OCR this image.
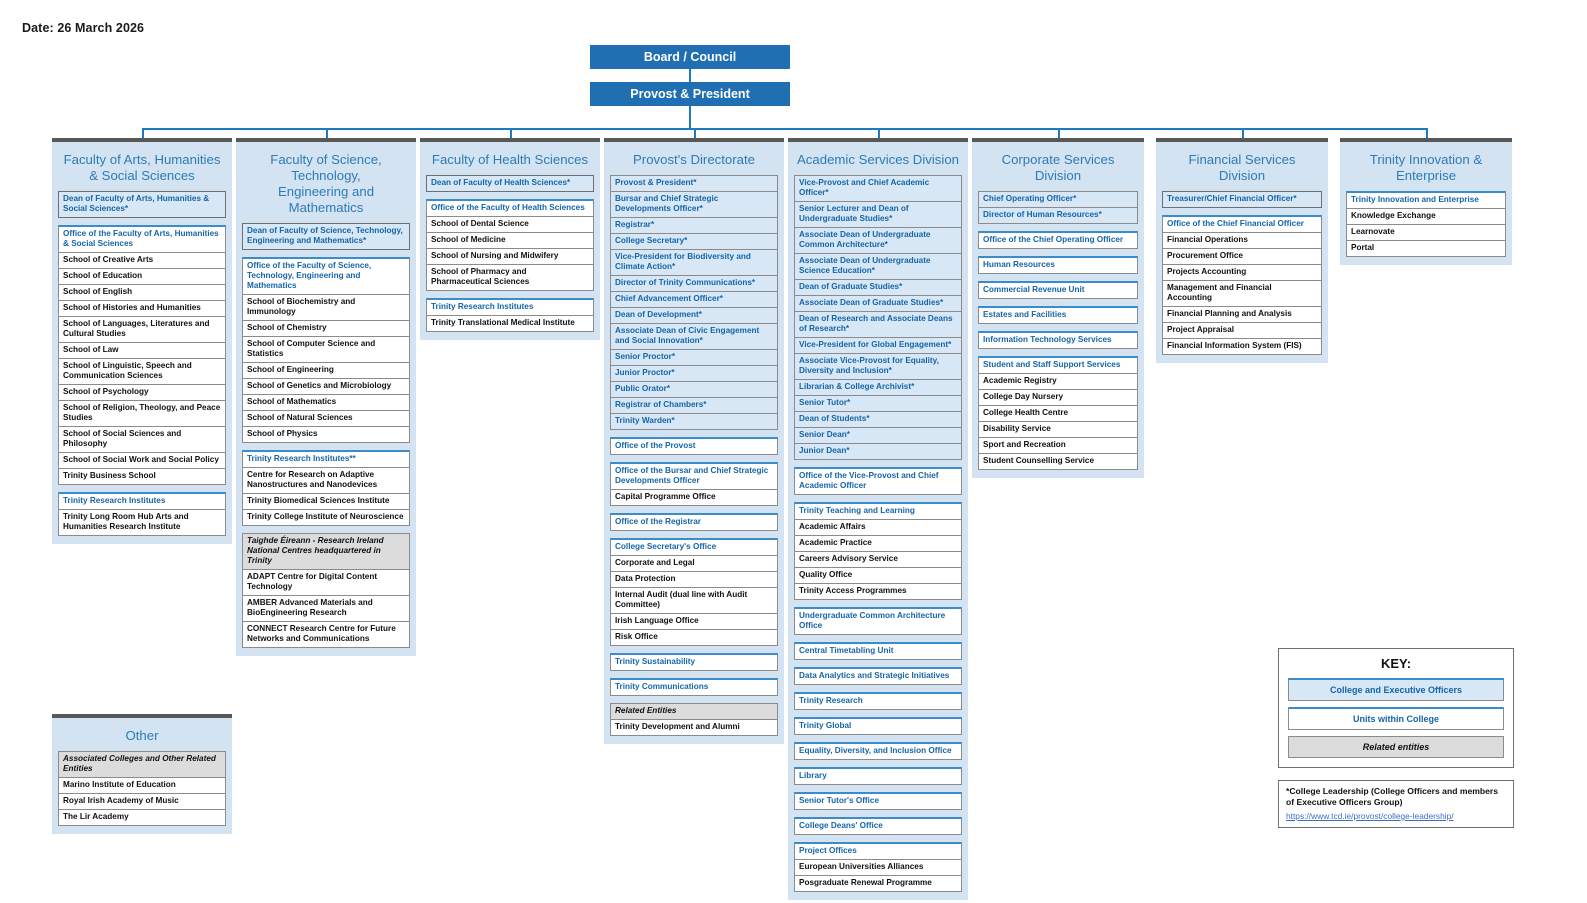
Date: 26 March 2026
Board / Council
Provost & President
Faculty of Arts, Humanities
& Social Sciences
Dean of Faculty of Arts, Humanities & Social Sciences*
Office of the Faculty of Arts, Humanities & Social Sciences
School of Creative Arts
School of Education
School of English
School of Histories and Humanities
School of Languages, Literatures and Cultural Studies
School of Law
School of Linguistic, Speech and Communication Sciences
School of Psychology
School of Religion, Theology, and Peace Studies
School of Social Sciences and Philosophy
School of Social Work and Social Policy
Trinity Business School
Trinity Research Institutes
Trinity Long Room Hub Arts and Humanities Research Institute
Faculty of Science, Technology,
Engineering and Mathematics
Dean of Faculty of Science, Technology, Engineering and Mathematics*
Office of the Faculty of Science, Technology, Engineering and Mathematics
School of Biochemistry and Immunology
School of Chemistry
School of Computer Science and Statistics
School of Engineering
School of Genetics and Microbiology
School of Mathematics
School of Natural Sciences
School of Physics
Trinity Research Institutes**
Centre for Research on Adaptive Nanostructures and Nanodevices
Trinity Biomedical Sciences Institute
Trinity College Institute of Neuroscience
Taighde Éireann - Research Ireland National Centres headquartered in Trinity
ADAPT Centre for Digital Content Technology
AMBER Advanced Materials and BioEngineering Research
CONNECT Research Centre for Future Networks and Communications
Faculty of Health Sciences
Dean of Faculty of Health Sciences*
Office of the Faculty of Health Sciences
School of Dental Science
School of Medicine
School of Nursing and Midwifery
School of Pharmacy and Pharmaceutical Sciences
Trinity Research Institutes
Trinity Translational Medical Institute
Provost's Directorate
Provost & President*
Bursar and Chief Strategic Developments Officer*
Registrar*
College Secretary*
Vice-President for Biodiversity and Climate Action*
Director of Trinity Communications*
Chief Advancement Officer*
Dean of Development*
Associate Dean of Civic Engagement and Social Innovation*
Senior Proctor*
Junior Proctor*
Public Orator*
Registrar of Chambers*
Trinity Warden*
Office of the Provost
Office of the Bursar and Chief Strategic Developments Officer
Capital Programme Office
Office of the Registrar
College Secretary's Office
Corporate and Legal
Data Protection
Internal Audit (dual line with Audit Committee)
Irish Language Office
Risk Office
Trinity Sustainability
Trinity Communications
Related Entities
Trinity Development and Alumni
Academic Services Division
Vice-Provost and Chief Academic Officer*
Senior Lecturer and Dean of Undergraduate Studies*
Associate Dean of Undergraduate Common Architecture*
Associate Dean of Undergraduate Science Education*
Dean of Graduate Studies*
Associate Dean of Graduate Studies*
Dean of Research and Associate Deans of Research*
Vice-President for Global Engagement*
Associate Vice-Provost for Equality, Diversity and Inclusion*
Librarian & College Archivist*
Senior Tutor*
Dean of Students*
Senior Dean*
Junior Dean*
Office of the Vice-Provost and Chief Academic Officer
Trinity Teaching and Learning
Academic Affairs
Academic Practice
Careers Advisory Service
Quality Office
Trinity Access Programmes
Undergraduate Common Architecture Office
Central Timetabling Unit
Data Analytics and Strategic Initiatives
Trinity Research
Trinity Global
Equality, Diversity, and Inclusion Office
Library
Senior Tutor's Office
College Deans' Office
Project Offices
European Universities Alliances
Posgraduate Renewal Programme
Corporate Services Division
Chief Operating Officer*
Director of Human Resources*
Office of the Chief Operating Officer
Human Resources
Commercial Revenue Unit
Estates and Facilities
Information Technology Services
Student and Staff Support Services
Academic Registry
College Day Nursery
College Health Centre
Disability Service
Sport and Recreation
Student Counselling Service
Financial Services Division
Treasurer/Chief Financial Officer*
Office of the Chief Financial Officer
Financial Operations
Procurement Office
Projects Accounting
Management and Financial Accounting
Financial Planning and Analysis
Project Appraisal
Financial Information System (FIS)
Trinity Innovation & Enterprise
Trinity Innovation and Enterprise
Knowledge Exchange
Learnovate
Portal
Other
Associated Colleges and Other Related Entities
Marino Institute of Education
Royal Irish Academy of Music
The Lir Academy
KEY:
College and Executive Officers
Units within College
Related entities
*College Leadership (College Officers and members of Executive Officers Group)
https://www.tcd.ie/provost/college-leadership/
